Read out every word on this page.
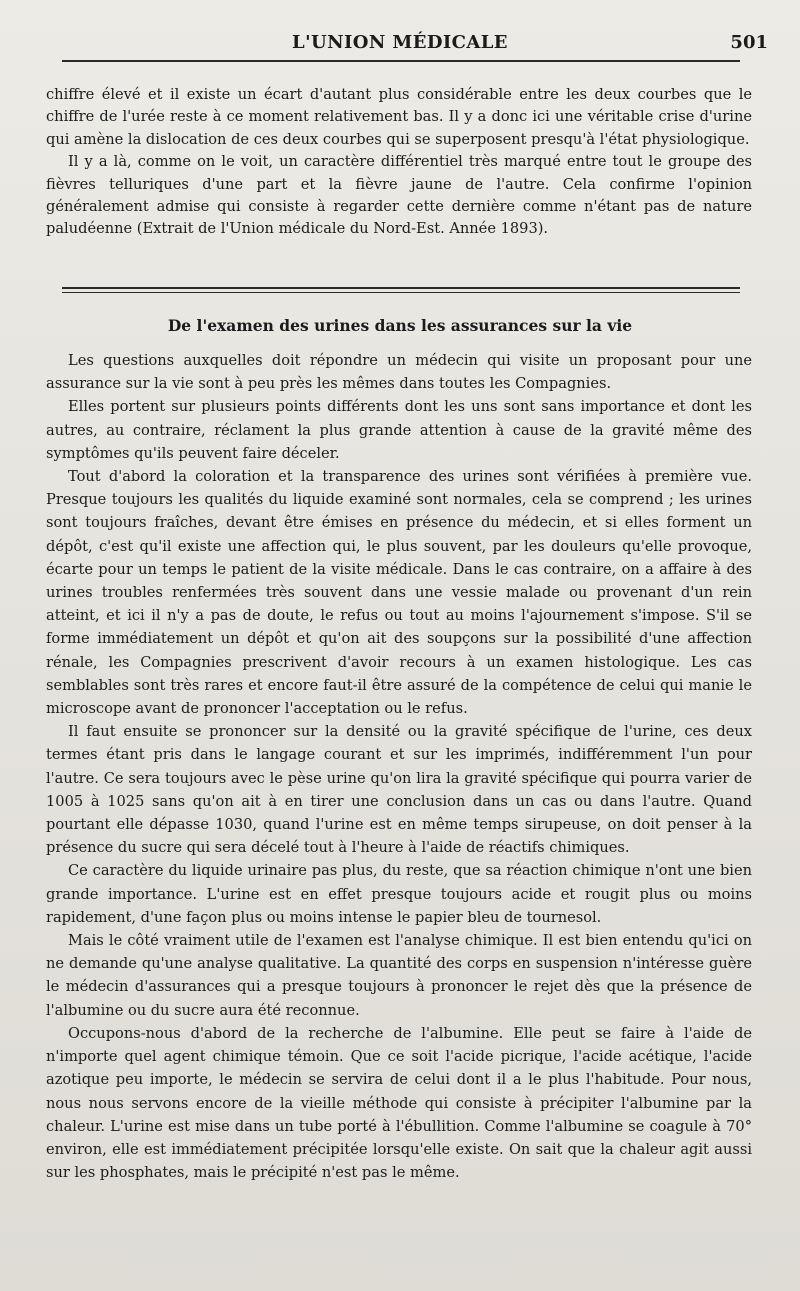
L'UNION MÉDICALE	501

chiffre élevé et il existe un écart d'autant plus considérable entre les deux courbes que le chiffre de l'urée reste à ce moment relativement bas. Il y a donc ici une véritable crise d'urine qui amène la dislocation de ces deux courbes qui se superposent presqu'à l'état physiologique.

Il y a là, comme on le voit, un caractère différentiel très marqué entre tout le groupe des fièvres telluriques d'une part et la fièvre jaune de l'autre. Cela confirme l'opinion généralement admise qui consiste à regarder cette dernière comme n'étant pas de nature paludéenne (Extrait de l'Union médicale du Nord-Est. Année 1893).

De l'examen des urines dans les assurances sur la vie

Les questions auxquelles doit répondre un médecin qui visite un proposant pour une assurance sur la vie sont à peu près les mêmes dans toutes les Compagnies.

Elles portent sur plusieurs points différents dont les uns sont sans importance et dont les autres, au contraire, réclament la plus grande attention à cause de la gravité même des symptômes qu'ils peuvent faire déceler.

Tout d'abord la coloration et la transparence des urines sont vérifiées à première vue. Presque toujours les qualités du liquide examiné sont normales, cela se comprend ; les urines sont toujours fraîches, devant être émises en présence du médecin, et si elles forment un dépôt, c'est qu'il existe une affection qui, le plus souvent, par les douleurs qu'elle provoque, écarte pour un temps le patient de la visite médicale. Dans le cas contraire, on a affaire à des urines troubles renfermées très souvent dans une vessie malade ou provenant d'un rein atteint, et ici il n'y a pas de doute, le refus ou tout au moins l'ajournement s'impose. S'il se forme immédiatement un dépôt et qu'on ait des soupçons sur la possibilité d'une affection rénale, les Compagnies prescrivent d'avoir recours à un examen histologique. Les cas semblables sont très rares et encore faut-il être assuré de la compétence de celui qui manie le microscope avant de prononcer l'acceptation ou le refus.

Il faut ensuite se prononcer sur la densité ou la gravité spécifique de l'urine, ces deux termes étant pris dans le langage courant et sur les imprimés, indifféremment l'un pour l'autre. Ce sera toujours avec le pèse urine qu'on lira la gravité spécifique qui pourra varier de 1005 à 1025 sans qu'on ait à en tirer une conclusion dans un cas ou dans l'autre. Quand pourtant elle dépasse 1030, quand l'urine est en même temps sirupeuse, on doit penser à la présence du sucre qui sera décelé tout à l'heure à l'aide de réactifs chimiques.

Ce caractère du liquide urinaire pas plus, du reste, que sa réaction chimique n'ont une bien grande importance. L'urine est en effet presque toujours acide et rougit plus ou moins rapidement, d'une façon plus ou moins intense le papier bleu de tournesol.

Mais le côté vraiment utile de l'examen est l'analyse chimique. Il est bien entendu qu'ici on ne demande qu'une analyse qualitative. La quantité des corps en suspension n'intéresse guère le médecin d'assurances qui a presque toujours à prononcer le rejet dès que la présence de l'albumine ou du sucre aura été reconnue.

Occupons-nous d'abord de la recherche de l'albumine. Elle peut se faire à l'aide de n'importe quel agent chimique témoin. Que ce soit l'acide picrique, l'acide acétique, l'acide azotique peu importe, le médecin se servira de celui dont il a le plus l'habitude. Pour nous, nous nous servons encore de la vieille méthode qui consiste à précipiter l'albumine par la chaleur. L'urine est mise dans un tube porté à l'ébullition. Comme l'albumine se coagule à 70° environ, elle est immédiatement précipitée lorsqu'elle existe. On sait que la chaleur agit aussi sur les phosphates, mais le précipité n'est pas le même.
